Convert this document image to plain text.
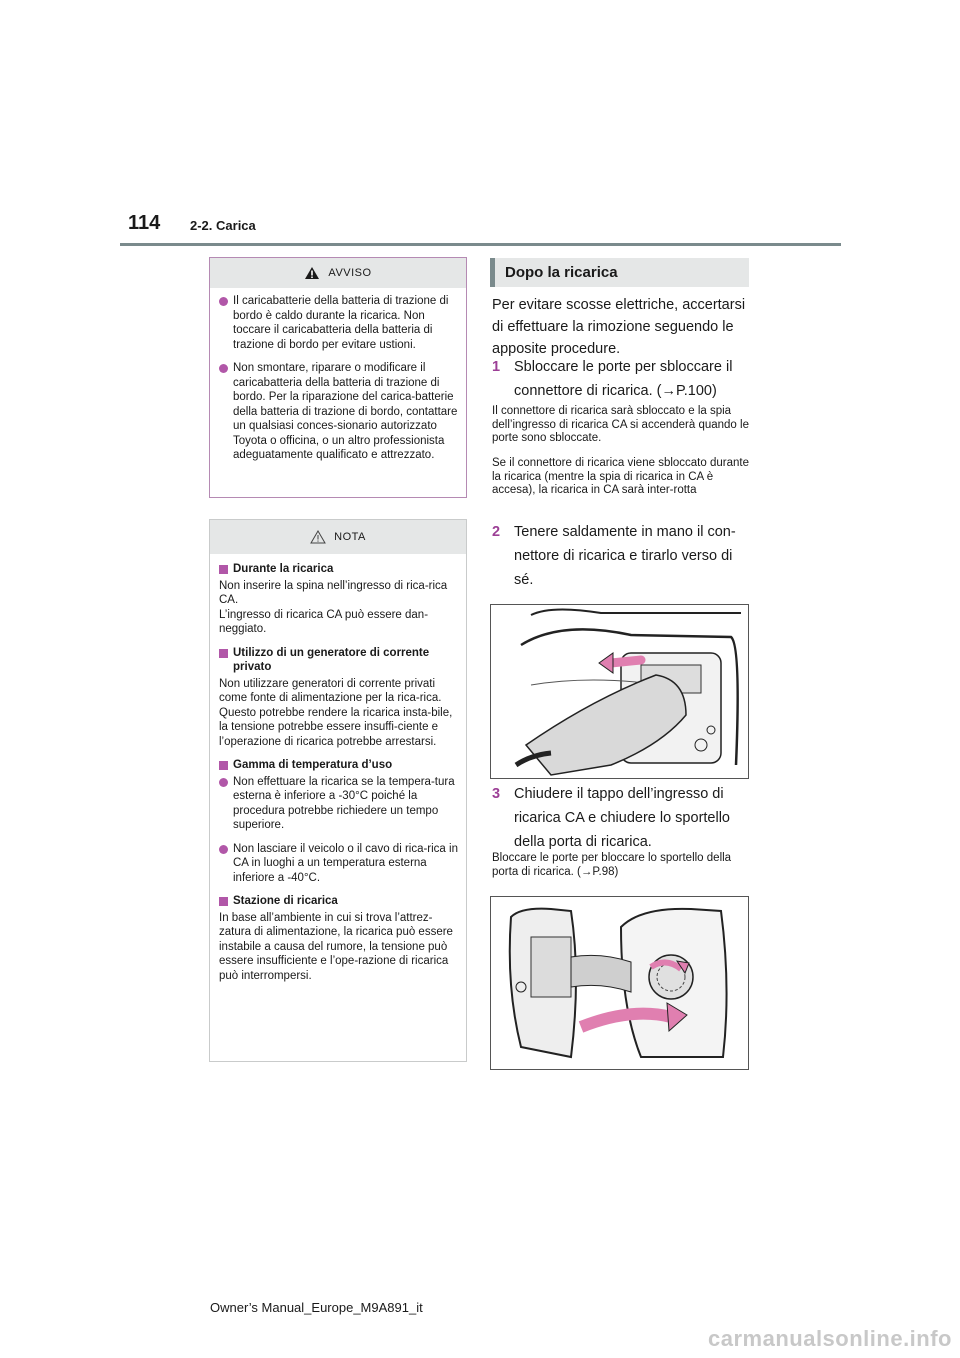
114 2-2. Carica
AVVISO
Il caricabatterie della batteria di trazione di bordo è caldo durante la ricarica. Non toccare il caricabatteria della batteria di trazione di bordo per evitare ustioni.
Non smontare, riparare o modificare il caricabatteria della batteria di trazione di bordo. Per la riparazione del carica-batterie della batteria di trazione di bordo, contattare un qualsiasi conces-sionario autorizzato Toyota o officina, o un altro professionista adeguatamente qualificato e attrezzato.
NOTA
Durante la ricarica

Non inserire la spina nell’ingresso di rica-rica CA.
L’ingresso di ricarica CA può essere dan-neggiato.

Utilizzo di un generatore di corrente privato

Non utilizzare generatori di corrente privati come fonte di alimentazione per la rica-rica.
Questo potrebbe rendere la ricarica insta-bile, la tensione potrebbe essere insuffi-ciente e l’operazione di ricarica potrebbe arrestarsi.

Gamma di temperatura d’uso
Non effettuare la ricarica se la tempera-tura esterna è inferiore a -30°C poiché la procedura potrebbe richiedere un tempo superiore.
Non lasciare il veicolo o il cavo di rica-rica in CA in luoghi a un temperatura esterna inferiore a -40°C.
Stazione di ricarica

In base all’ambiente in cui si trova l’attrez-zatura di alimentazione, la ricarica può essere instabile a causa del rumore, la tensione può essere insufficiente e l’ope-razione di ricarica può interrompersi.

Dopo la ricarica
Per evitare scosse elettriche, accertarsi di effettuare la rimozione seguendo le apposite procedure.
1 Sbloccare le porte per sbloccare il connettore di ricarica. (→P.100)
Il connettore di ricarica sarà sbloccato e la spia dell’ingresso di ricarica CA si accenderà quando le porte sono sbloccate.
Se il connettore di ricarica viene sbloccato durante la ricarica (mentre la spia di ricarica in CA è accesa), la ricarica in CA sarà inter-rotta
2 Tenere saldamente in mano il con-nettore di ricarica e tirarlo verso di sé.
3 Chiudere il tappo dell’ingresso di ricarica CA e chiudere lo sportello della porta di ricarica.
Bloccare le porte per bloccare lo sportello della porta di ricarica. (→P.98)
Owner’s Manual_Europe_M9A891_it
carmanualsonline.info
